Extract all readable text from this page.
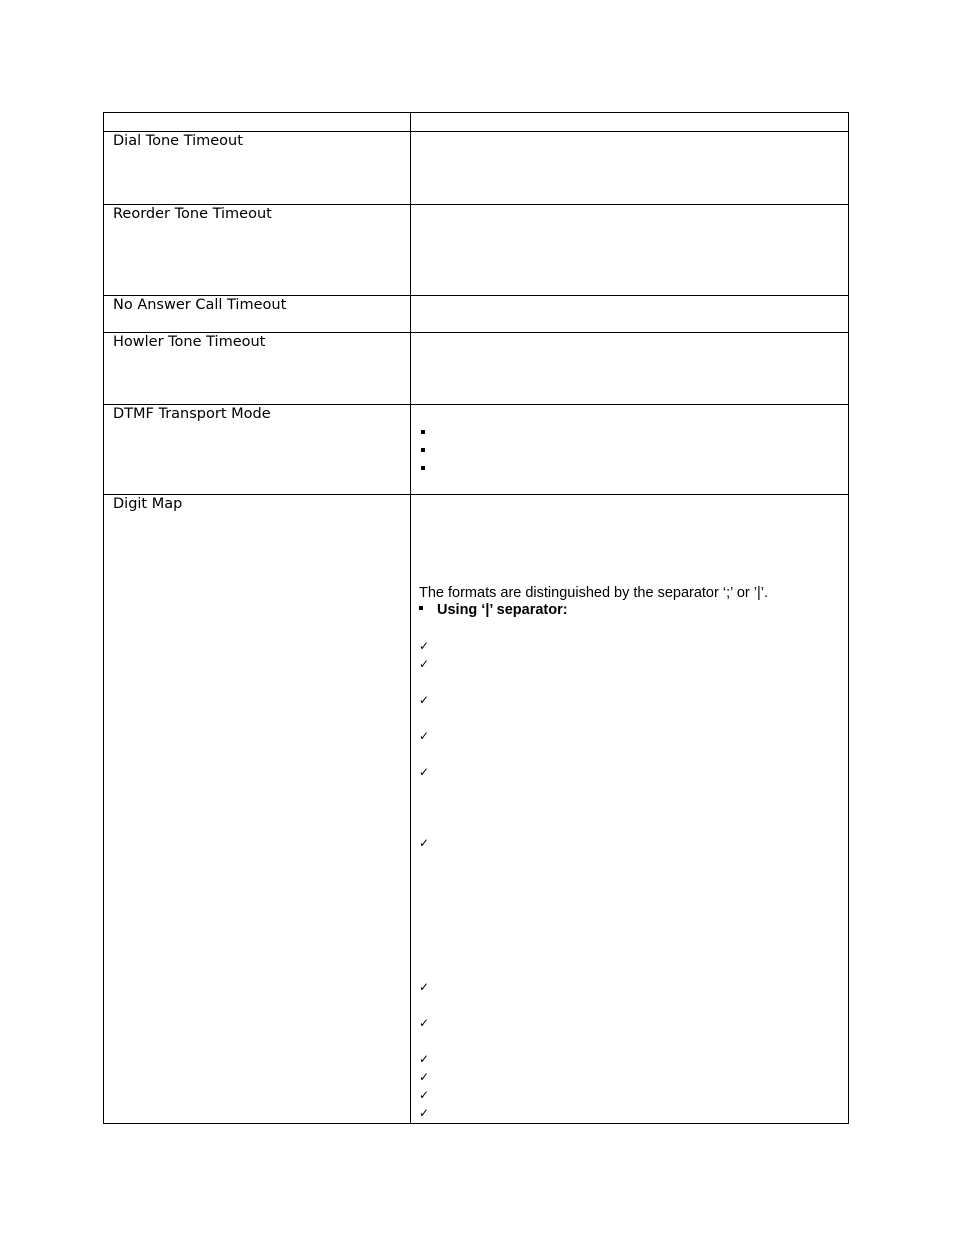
Dial Tone Timeout
Reorder Tone Timeout
No Answer Call Timeout
Howler Tone Timeout
DTMF Transport Mode
Digit Map
The formats are distinguished by the separator ‘;’ or ’|’.
Using ‘|’ separator:
✓
✓
✓
✓
✓
✓
✓
✓
✓
✓
✓
✓
